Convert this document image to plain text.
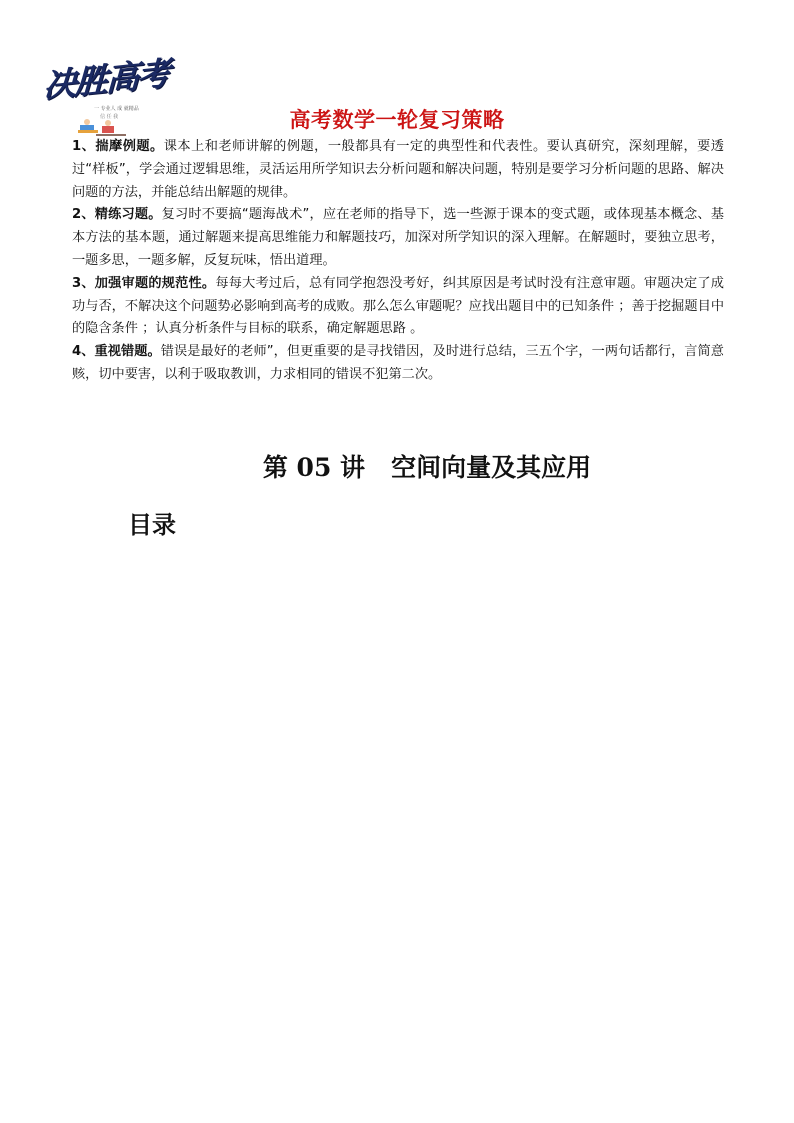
决胜高考
一 专业人 成 就精品
信 任 我	高考数学一轮复习策略

1、揣摩例题。课本上和老师讲解的例题，一般都具有一定的典型性和代表性。要认真研究，深刻理解，要透过“样板”，学会通过逻辑思维，灵活运用所学知识去分析问题和解决问题，特别是要学习分析问题的思路、解决问题的方法，并能总结出解题的规律。

2、精练习题。复习时不要搞“题海战术”，应在老师的指导下，选一些源于课本的变式题，或体现基本概念、基本方法的基本题，通过解题来提高思维能力和解题技巧，加深对所学知识的深入理解。在解题时，要独立思考，一题多思，一题多解，反复玩味，悟出道理。

3、加强审题的规范性。每每大考过后，总有同学抱怨没考好，纠其原因是考试时没有注意审题。审题决定了成功与否，不解决这个问题势必影响到高考的成败。那么怎么审题呢？应找出题目中的已知条件 ；善于挖掘题目中的隐含条件 ；认真分析条件与目标的联系，确定解题思路 。

4、重视错题。错误是最好的老师”，但更重要的是寻找错因，及时进行总结，三五个字，一两句话都行，言简意赅，切中要害，以利于吸取教训，力求相同的错误不犯第二次。

第 05 讲   空间向量及其应用
目录
